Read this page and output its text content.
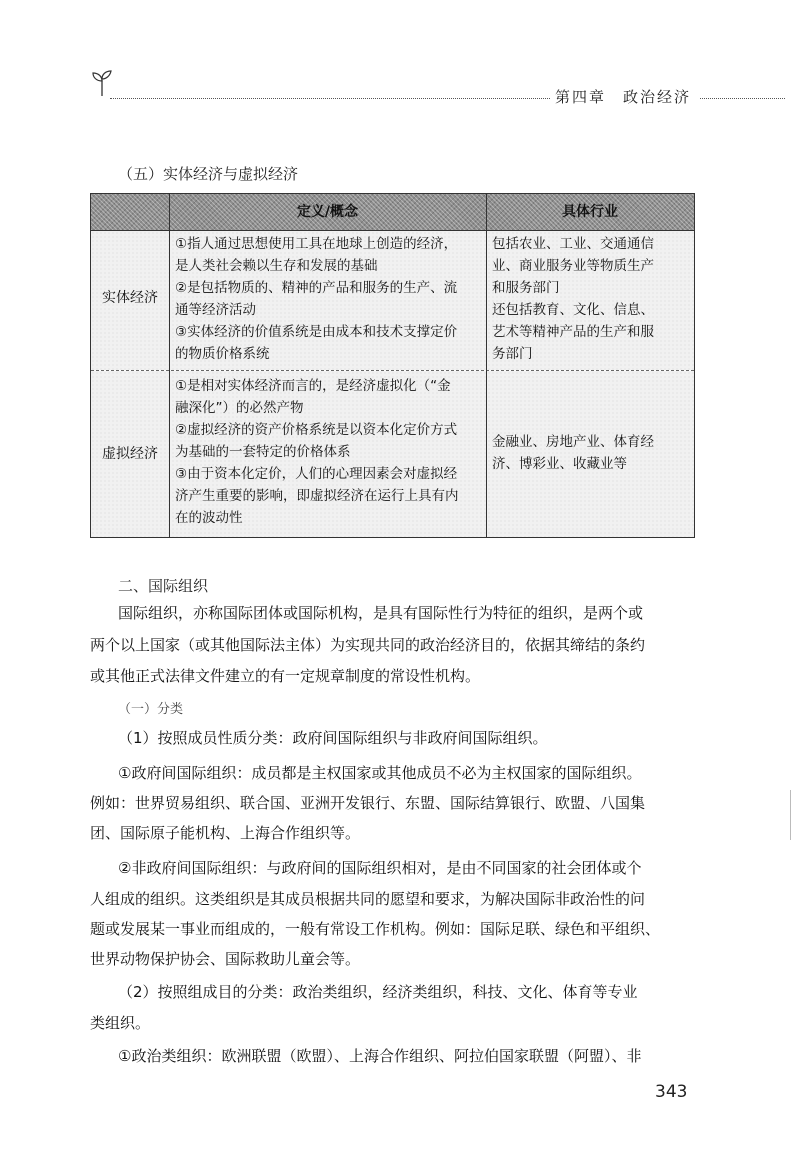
第四章　政治经济
（五）实体经济与虚拟经济
定义/概念	具体行业
实体经济
①指人通过思想使用工具在地球上创造的经济，
是人类社会赖以生存和发展的基础
②是包括物质的、精神的产品和服务的生产、流
通等经济活动
③实体经济的价值系统是由成本和技术支撑定价
的物质价格系统
包括农业、工业、交通通信
业、商业服务业等物质生产
和服务部门
还包括教育、文化、信息、
艺术等精神产品的生产和服
务部门
虚拟经济
①是相对实体经济而言的，是经济虚拟化（“金
融深化”）的必然产物
②虚拟经济的资产价格系统是以资本化定价方式
为基础的一套特定的价格体系
③由于资本化定价，人们的心理因素会对虚拟经
济产生重要的影响，即虚拟经济在运行上具有内
在的波动性
金融业、房地产业、体育经
济、博彩业、收藏业等
二、国际组织
国际组织，亦称国际团体或国际机构，是具有国际性行为特征的组织，是两个或
两个以上国家（或其他国际法主体）为实现共同的政治经济目的，依据其缔结的条约
或其他正式法律文件建立的有一定规章制度的常设性机构。
（一）分类
（1）按照成员性质分类：政府间国际组织与非政府间国际组织。
①政府间国际组织：成员都是主权国家或其他成员不必为主权国家的国际组织。
例如：世界贸易组织、联合国、亚洲开发银行、东盟、国际结算银行、欧盟、八国集
团、国际原子能机构、上海合作组织等。
②非政府间国际组织：与政府间的国际组织相对，是由不同国家的社会团体或个
人组成的组织。这类组织是其成员根据共同的愿望和要求，为解决国际非政治性的问
题或发展某一事业而组成的，一般有常设工作机构。例如：国际足联、绿色和平组织、
世界动物保护协会、国际救助儿童会等。
（2）按照组成目的分类：政治类组织，经济类组织，科技、文化、体育等专业
类组织。
①政治类组织：欧洲联盟（欧盟）、上海合作组织、阿拉伯国家联盟（阿盟）、非
343
